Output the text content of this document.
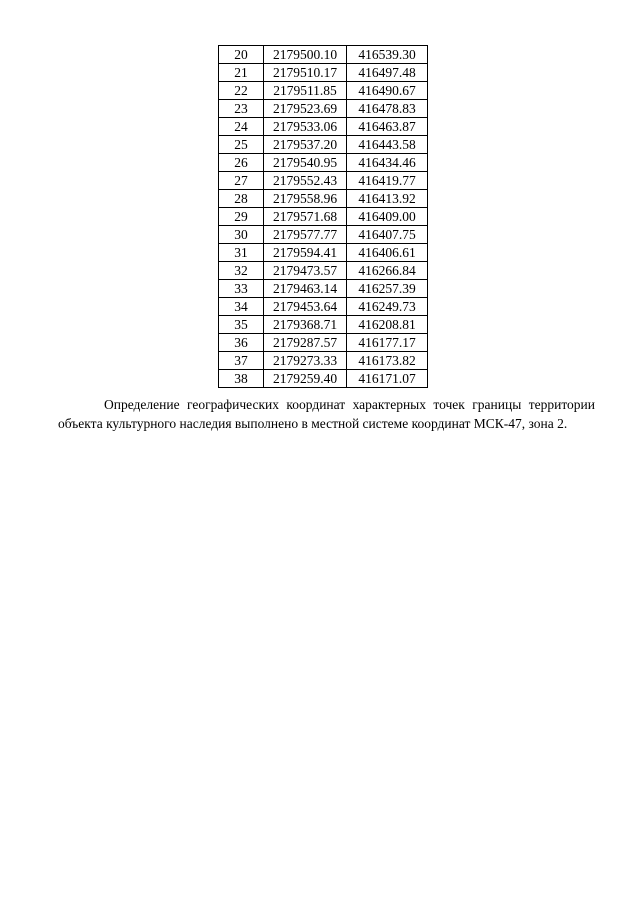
20	2179500.10	416539.30
21	2179510.17	416497.48
22	2179511.85	416490.67
23	2179523.69	416478.83
24	2179533.06	416463.87
25	2179537.20	416443.58
26	2179540.95	416434.46
27	2179552.43	416419.77
28	2179558.96	416413.92
29	2179571.68	416409.00
30	2179577.77	416407.75
31	2179594.41	416406.61
32	2179473.57	416266.84
33	2179463.14	416257.39
34	2179453.64	416249.73
35	2179368.71	416208.81
36	2179287.57	416177.17
37	2179273.33	416173.82
38	2179259.40	416171.07

Определение географических координат характерных точек границы территории объекта культурного наследия выполнено в местной системе координат МСК-47, зона 2.
